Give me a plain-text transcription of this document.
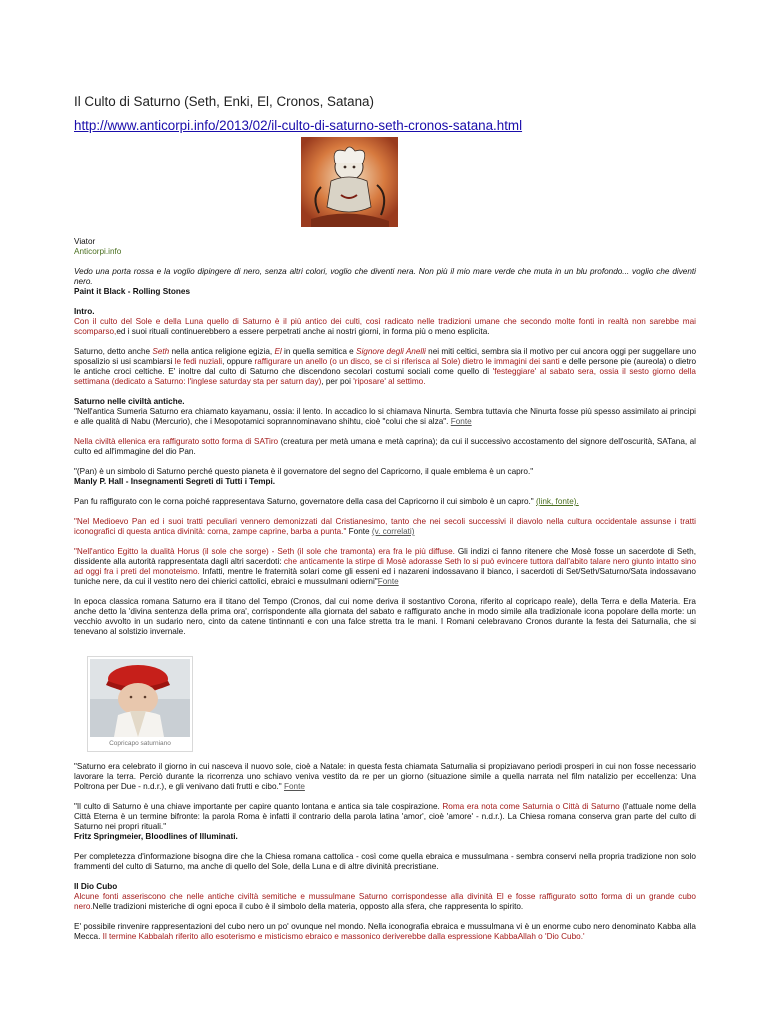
Il Culto di Saturno (Seth, Enki, El, Cronos, Satana)
http://www.anticorpi.info/2013/02/il-culto-di-saturno-seth-cronos-satana.html

Viator

Anticorpi.info

Vedo una porta rossa e la voglio dipingere di nero, senza altri colori, voglio che diventi nera. Non più il mio mare verde che muta in un blu profondo... voglio che diventi nero.

Paint it Black - Rolling Stones

Intro.

Con il culto del Sole e della Luna quello di Saturno è il più antico dei culti, così radicato nelle tradizioni umane che secondo molte fonti in realtà non sarebbe mai scomparso,ed i suoi rituali continuerebbero a essere perpetrati anche ai nostri giorni, in forma più o meno esplicita.

Saturno, detto anche Seth nella antica religione egizia, El in quella semitica e Signore degli Anelli nei miti celtici, sembra sia il motivo per cui ancora oggi per suggellare uno sposalizio si usi scambiarsi le fedi nuziali, oppure raffigurare un anello (o un disco, se ci si riferisca al Sole) dietro le immagini dei santi e delle persone pie (aureola) o dietro le antiche croci celtiche. E' inoltre dal culto di Saturno che discendono secolari costumi sociali come quello di 'festeggiare' al sabato sera, ossia il sesto giorno della settimana (dedicato a Saturno: l'inglese saturday sta per saturn day), per poi 'riposare' al settimo.

Saturno nelle civiltà antiche.

"Nell'antica Sumeria Saturno era chiamato kayamanu, ossia: il lento. In accadico lo si chiamava Ninurta. Sembra tuttavia che Ninurta fosse più spesso assimilato ai principi e alle qualità di Nabu (Mercurio), che i Mesopotamici soprannominavano shihtu, cioè "colui che si alza". Fonte

Nella civiltà ellenica era raffigurato sotto forma di SATiro (creatura per metà umana e metà caprina); da cui il successivo accostamento del signore dell'oscurità, SATana, al culto ed all'immagine del dio Pan.

"(Pan) è un simbolo di Saturno perché questo pianeta è il governatore del segno del Capricorno, il quale emblema è un capro."

Manly P. Hall - Insegnamenti Segreti di Tutti i Tempi.

Pan fu raffigurato con le corna poiché rappresentava Saturno, governatore della casa del Capricorno il cui simbolo è un capro." (link, fonte).

"Nel Medioevo Pan ed i suoi tratti peculiari vennero demonizzati dal Cristianesimo, tanto che nei secoli successivi il diavolo nella cultura occidentale assunse i tratti iconografici di questa antica divinità: corna, zampe caprine, barba a punta." Fonte (v. correlati)

"Nell'antico Egitto la dualità Horus (il sole che sorge) - Seth (il sole che tramonta) era fra le più diffuse. Gli indizi ci fanno ritenere che Mosè fosse un sacerdote di Seth, dissidente alla autorità rappresentata dagli altri sacerdoti: che anticamente la stirpe di Mosè adorasse Seth lo si può evincere tuttora dall'abito talare nero giunto intatto sino ad oggi fra i preti del monoteismo. Infatti, mentre le fraternità solari come gli esseni ed i nazareni indossavano il bianco, i sacerdoti di Set/Seth/Saturno/Sata indossavano tuniche nere, da cui il vestito nero dei chierici cattolici, ebraici e mussulmani odierni"Fonte

In epoca classica romana Saturno era il titano del Tempo (Cronos, dal cui nome deriva il sostantivo Corona, riferito al copricapo reale), della Terra e della Materia. Era anche detto la 'divina sentenza della prima ora', corrispondente alla giornata del sabato e raffigurato anche in modo simile alla tradizionale icona popolare della morte: un vecchio avvolto in un sudario nero, cinto da catene tintinnanti e con una falce stretta tra le mani. I Romani celebravano Cronos durante la festa dei Saturnalia, che si tenevano al solstizio invernale.

Copricapo saturniano

"Saturno era celebrato il giorno in cui nasceva il nuovo sole, cioè a Natale: in questa festa chiamata Saturnalia si propiziavano periodi prosperi in cui non fosse necessario lavorare la terra. Perciò durante la ricorrenza uno schiavo veniva vestito da re per un giorno (situazione simile a quella narrata nel film natalizio per eccellenza: Una Poltrona per Due - n.d.r.), e gli venivano dati frutti e cibo." Fonte

"Il culto di Saturno è una chiave importante per capire quanto lontana e antica sia tale cospirazione. Roma era nota come Saturnia o Città di Saturno (l'attuale nome della Città Eterna è un termine bifronte: la parola Roma è infatti il contrario della parola latina 'amor', cioè 'amore' - n.d.r.). La Chiesa romana conserva gran parte del culto di Saturno nei propri rituali."

Fritz Springmeier, Bloodlines of Illuminati.

Per completezza d'informazione bisogna dire che la Chiesa romana cattolica - così come quella ebraica e mussulmana - sembra conservi nella propria tradizione non solo frammenti del culto di Saturno, ma anche di quello del Sole, della Luna e di altre divinità precristiane.

Il Dio Cubo

Alcune fonti asseriscono che nelle antiche civiltà semitiche e mussulmane Saturno corrispondesse alla divinità El e fosse raffigurato sotto forma di un grande cubo nero.Nelle tradizioni misteriche di ogni epoca il cubo è il simbolo della materia, opposto alla sfera, che rappresenta lo spirito.

E' possibile rinvenire rappresentazioni del cubo nero un po' ovunque nel mondo. Nella iconografia ebraica e mussulmana vi è un enorme cubo nero denominato Kabba alla Mecca. Il termine Kabbalah riferito allo esoterismo e misticismo ebraico e massonico deriverebbe dalla espressione KabbaAllah o 'Dio Cubo.'
